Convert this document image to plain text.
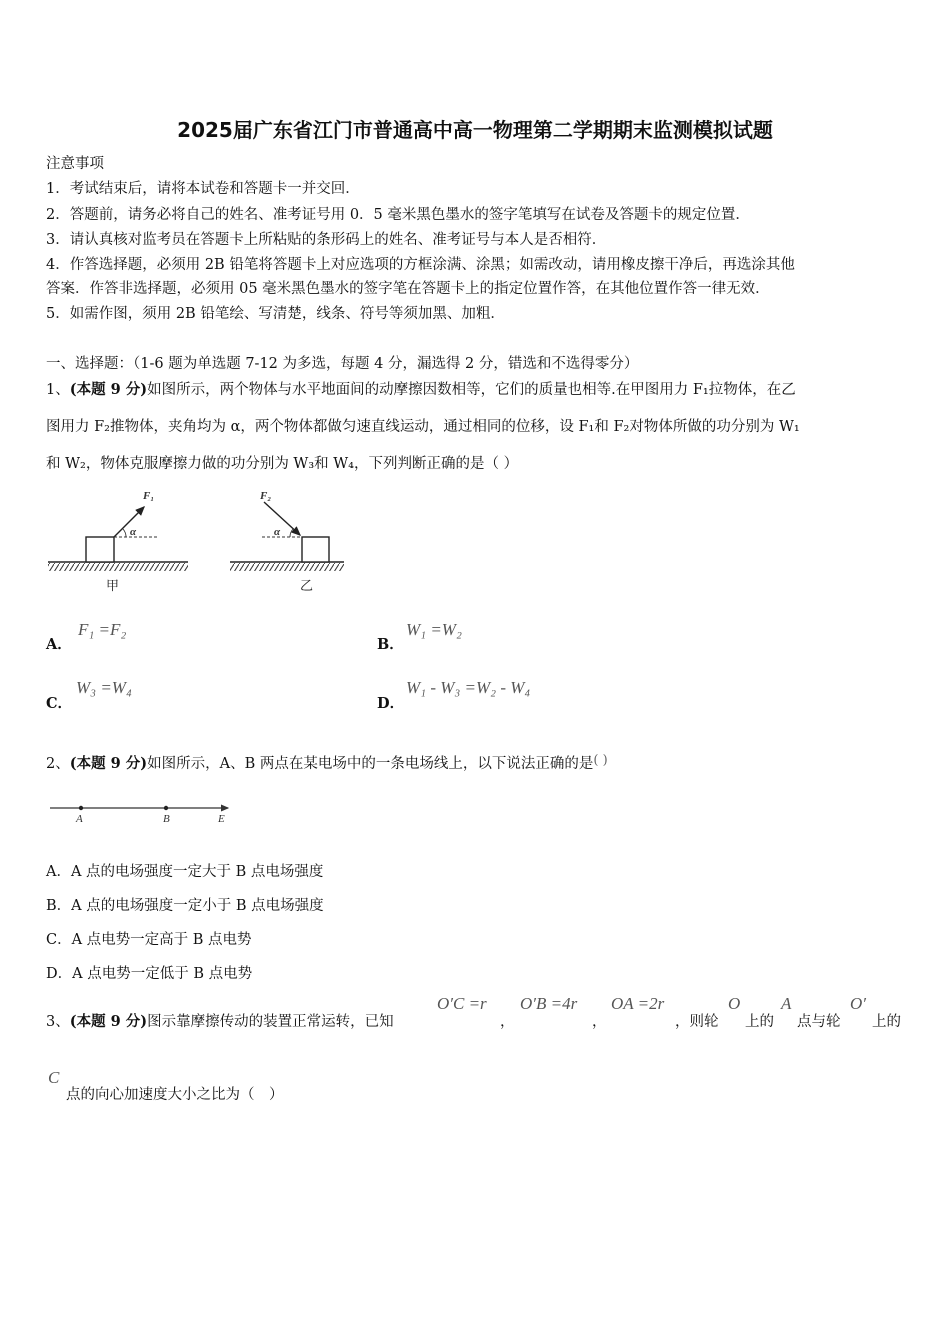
2025届广东省江门市普通高中高一物理第二学期期末监测模拟试题
注意事项
1．考试结束后，请将本试卷和答题卡一并交回．
2．答题前，请务必将自己的姓名、准考证号用 0．5 毫米黑色墨水的签字笔填写在试卷及答题卡的规定位置．
3．请认真核对监考员在答题卡上所粘贴的条形码上的姓名、准考证号与本人是否相符．
4．作答选择题，必须用 2B 铅笔将答题卡上对应选项的方框涂满、涂黑；如需改动，请用橡皮擦干净后，再选涂其他
答案．作答非选择题，必须用 05 毫米黑色墨水的签字笔在答题卡上的指定位置作答，在其他位置作答一律无效．
5．如需作图，须用 2B 铅笔绘、写清楚，线条、符号等须加黑、加粗．
一、选择题：（1-6 题为单选题 7-12 为多选，每题 4 分，漏选得 2 分，错选和不选得零分）
1、(本题 9 分)如图所示，两个物体与水平地面间的动摩擦因数相等，它们的质量也相等.在甲图用力 F₁拉物体，在乙
图用力 F₂推物体，夹角均为 α，两个物体都做匀速直线运动，通过相同的位移，设 F₁和 F₂对物体所做的功分别为 W₁
和 W₂，物体克服摩擦力做的功分别为 W₃和 W₄，下列判断正确的是（ ）
F₁
α
甲
F₂
α
乙
A．
F₁ =F₂
B．
W₁ =W₂
C．
W₃ =W₄
D．
W₁ - W₃ =W₂ - W₄
2、(本题 9 分)如图所示，A、B 两点在某电场中的一条电场线上，以下说法正确的是( )
A	B	E
A．A 点的电场强度一定大于 B 点电场强度
B．A 点的电场强度一定小于 B 点电场强度
C．A 点电势一定高于 B 点电势
D．A 点电势一定低于 B 点电势
3、(本题 9 分)图示靠摩擦传动的装置正常运转，已知
O′C =r
，
O′B =4r
，
OA =2r
，则轮
O
上的
A
点与轮
O′
上的
C
点的向心加速度大小之比为（　）
